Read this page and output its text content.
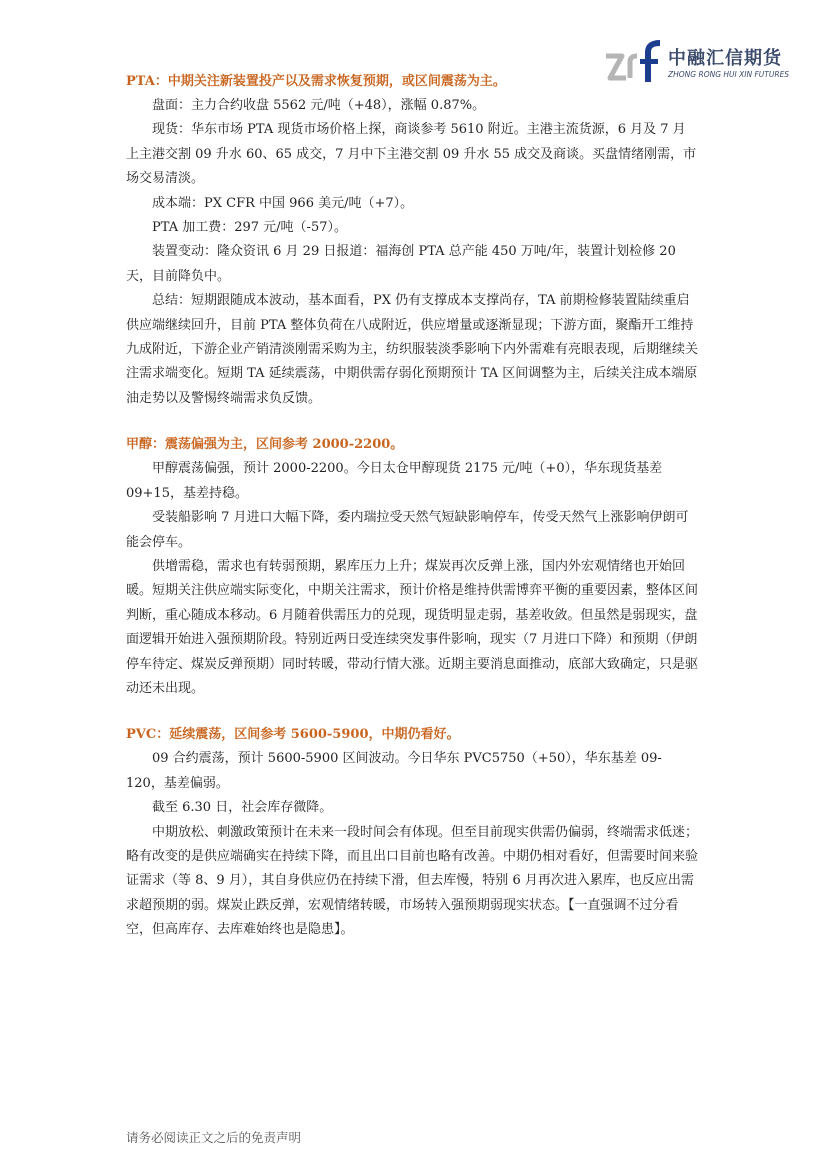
中融汇信期货
ZHONG RONG HUI XIN FUTURES
PTA：中期关注新装置投产以及需求恢复预期，或区间震荡为主。

盘面：主力合约收盘 5562 元/吨（+48），涨幅 0.87%。

现货：华东市场 PTA 现货市场价格上探，商谈参考 5610 附近。主港主流货源，6 月及 7 月上主港交割 09 升水 60、65 成交，7 月中下主港交割 09 升水 55 成交及商谈。买盘情绪刚需，市场交易清淡。

成本端：PX CFR 中国 966 美元/吨（+7）。

PTA 加工费：297 元/吨（-57）。

装置变动：隆众资讯 6 月 29 日报道：福海创 PTA 总产能 450 万吨/年，装置计划检修 20 天，目前降负中。

总结：短期跟随成本波动，基本面看，PX 仍有支撑成本支撑尚存，TA 前期检修装置陆续重启供应端继续回升，目前 PTA 整体负荷在八成附近，供应增量或逐渐显现；下游方面，聚酯开工维持九成附近，下游企业产销清淡刚需采购为主，纺织服装淡季影响下内外需难有亮眼表现，后期继续关注需求端变化。短期 TA 延续震荡，中期供需存弱化预期预计 TA 区间调整为主，后续关注成本端原油走势以及警惕终端需求负反馈。

甲醇：震荡偏强为主，区间参考 2000-2200。

甲醇震荡偏强，预计 2000-2200。今日太仓甲醇现货 2175 元/吨（+0），华东现货基差 09+15，基差持稳。

受装船影响 7 月进口大幅下降，委内瑞拉受天然气短缺影响停车，传受天然气上涨影响伊朗可能会停车。

供增需稳，需求也有转弱预期，累库压力上升；煤炭再次反弹上涨，国内外宏观情绪也开始回暖。短期关注供应端实际变化，中期关注需求，预计价格是维持供需博弈平衡的重要因素，整体区间判断，重心随成本移动。6 月随着供需压力的兑现，现货明显走弱，基差收敛。但虽然是弱现实，盘面逻辑开始进入强预期阶段。特别近两日受连续突发事件影响，现实（7 月进口下降）和预期（伊朗停车待定、煤炭反弹预期）同时转暖，带动行情大涨。近期主要消息面推动，底部大致确定，只是驱动还未出现。

PVC：延续震荡，区间参考 5600-5900，中期仍看好。

09 合约震荡，预计 5600-5900 区间波动。今日华东 PVC5750（+50），华东基差 09-120，基差偏弱。

截至 6.30 日，社会库存微降。

中期放松、刺激政策预计在未来一段时间会有体现。但至目前现实供需仍偏弱，终端需求低迷；略有改变的是供应端确实在持续下降，而且出口目前也略有改善。中期仍相对看好，但需要时间来验证需求（等 8、9 月），其自身供应仍在持续下滑，但去库慢，特别 6 月再次进入累库，也反应出需求超预期的弱。煤炭止跌反弹，宏观情绪转暖，市场转入强预期弱现实状态。【一直强调不过分看空，但高库存、去库难始终也是隐患】。

请务必阅读正文之后的免责声明
